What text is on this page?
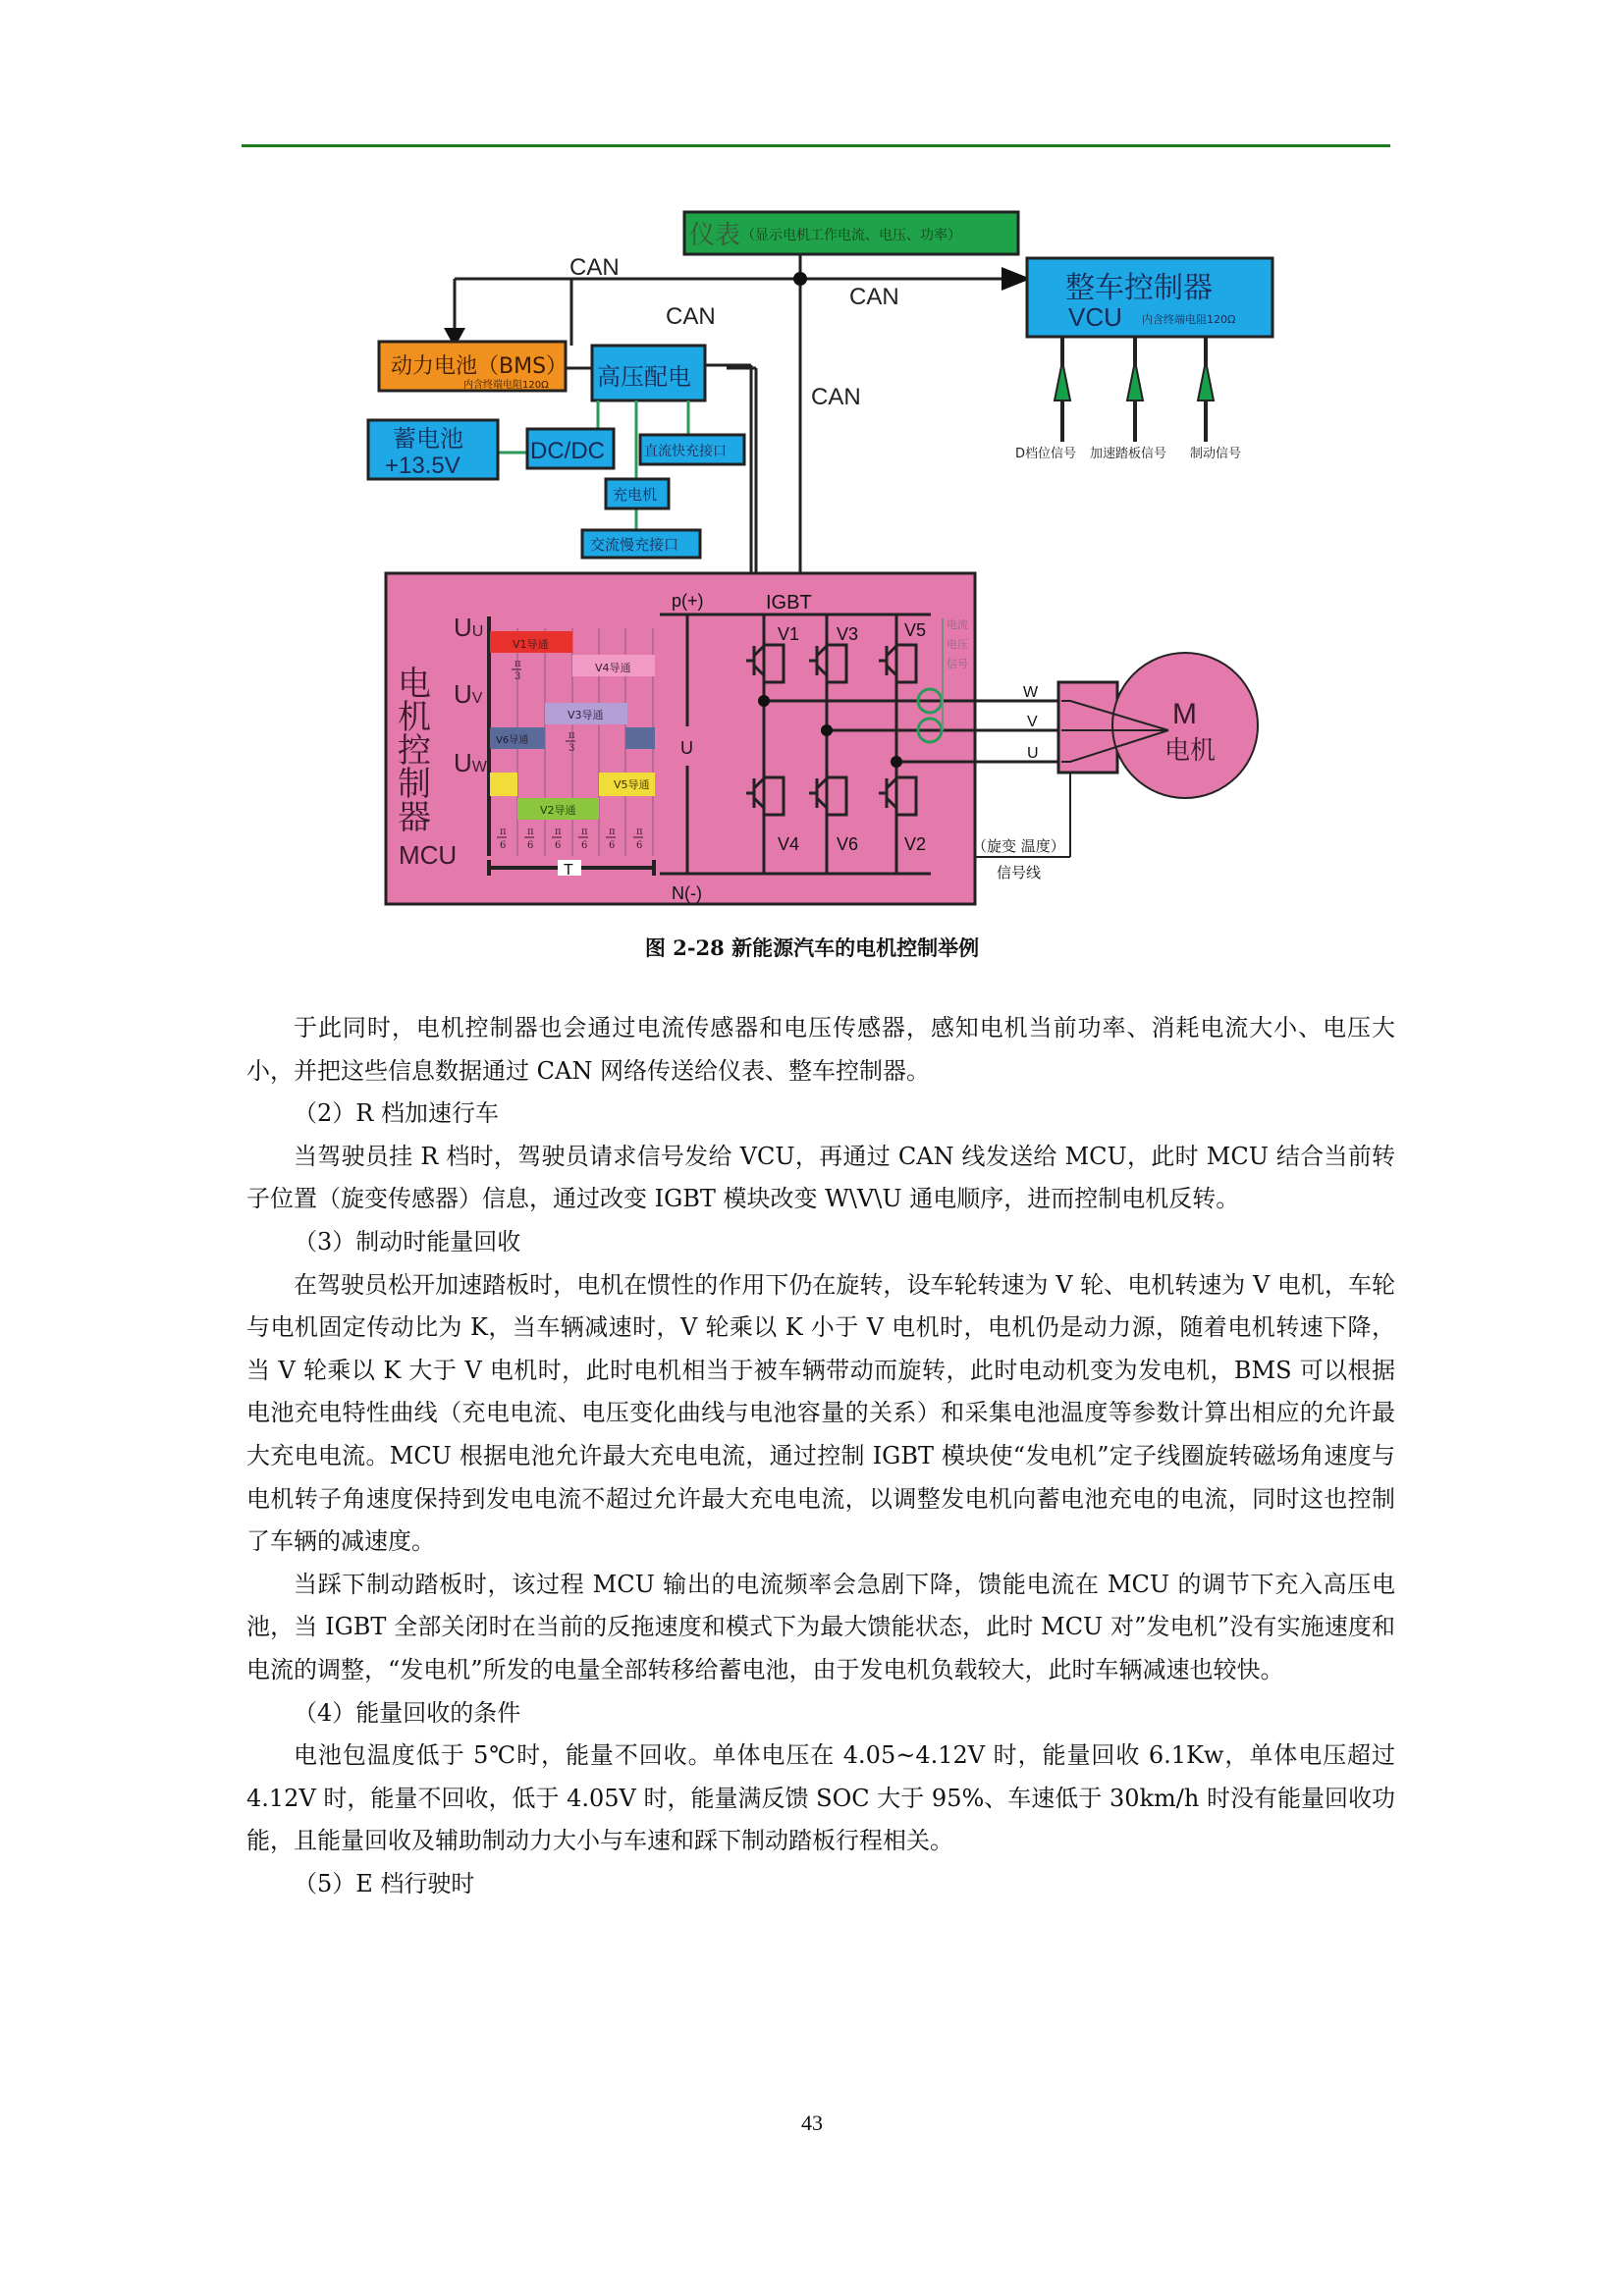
CAN
CAN
CAN
CAN
仪表 （显示电机工作电流、电压、功率）
整车控制器
VCU 内含终端电阻120Ω
D档位信号 加速踏板信号 制动信号
动力电池（BMS）
内含终端电阻120Ω 高压配电
蓄电池
+13.5V
DC/DC	直流快充接口
充电机
交流慢充接口
电
机
控
制
器
MCU
V1导通
V4导通
V3导通
V6导通
V5导通
V2导通
π
3
π
3
π
6
π
6
π
6
π
6
π
6
π
6
T
UU
UV
UW
p(+)
N(-)
U
IGBT
V1 V3	V5
V4 V6	V2
电流
电压
信号
W
V
U
M
电机
（旋变 温度）
信号线
图 2-28 新能源汽车的电机控制举例

于此同时，电机控制器也会通过电流传感器和电压传感器，感知电机当前功率、消耗电流大小、电压大小，并把这些信息数据通过 CAN 网络传送给仪表、整车控制器。

（2）R 档加速行车

当驾驶员挂 R 档时，驾驶员请求信号发给 VCU，再通过 CAN 线发送给 MCU，此时 MCU 结合当前转子位置（旋变传感器）信息，通过改变 IGBT 模块改变 W\V\U 通电顺序，进而控制电机反转。

（3）制动时能量回收

在驾驶员松开加速踏板时，电机在惯性的作用下仍在旋转，设车轮转速为 V 轮、电机转速为 V 电机，车轮与电机固定传动比为 K，当车辆减速时，V 轮乘以 K 小于 V 电机时，电机仍是动力源，随着电机转速下降，当 V 轮乘以 K 大于 V 电机时，此时电机相当于被车辆带动而旋转，此时电动机变为发电机，BMS 可以根据电池充电特性曲线（充电电流、电压变化曲线与电池容量的关系）和采集电池温度等参数计算出相应的允许最大充电电流。MCU 根据电池允许最大充电电流，通过控制 IGBT 模块使“发电机”定子线圈旋转磁场角速度与电机转子角速度保持到发电电流不超过允许最大充电电流，以调整发电机向蓄电池充电的电流，同时这也控制了车辆的减速度。

当踩下制动踏板时，该过程 MCU 输出的电流频率会急剧下降，馈能电流在 MCU 的调节下充入高压电池，当 IGBT 全部关闭时在当前的反拖速度和模式下为最大馈能状态，此时 MCU 对”发电机”没有实施速度和电流的调整，“发电机”所发的电量全部转移给蓄电池，由于发电机负载较大，此时车辆减速也较快。

（4）能量回收的条件

电池包温度低于 5℃时，能量不回收。单体电压在 4.05~4.12V 时，能量回收 6.1Kw，单体电压超过 4.12V 时，能量不回收，低于 4.05V 时，能量满反馈 SOC 大于 95%、车速低于 30km/h 时没有能量回收功能，且能量回收及辅助制动力大小与车速和踩下制动踏板行程相关。

（5）E 档行驶时

43
